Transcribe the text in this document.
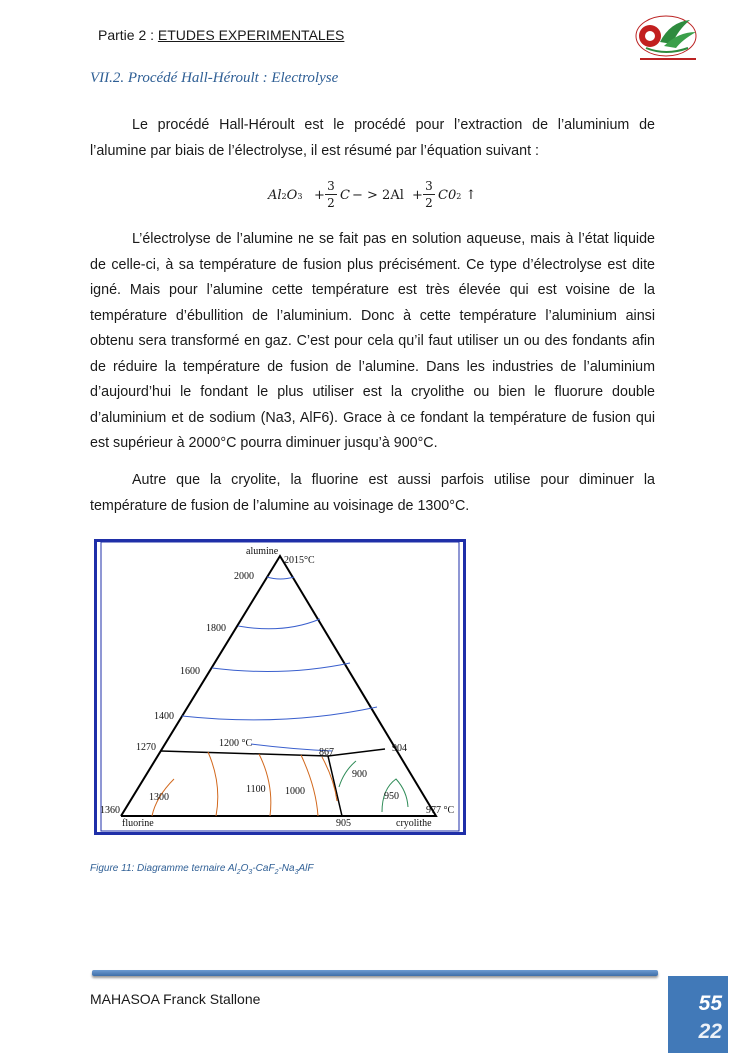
Partie 2 : ETUDES EXPERIMENTALES
VII.2. Procédé Hall-Héroult : Electrolyse

Le procédé Hall-Héroult est le procédé pour l’extraction de l’aluminium de l’alumine par biais de l’électrolyse, il est résumé par l’équation suivant :

Al2O3 +
3
2 C − > 2Al +
3
2 C02 ↑

L’électrolyse de l’alumine ne se fait pas en solution aqueuse, mais à l’état liquide de celle-ci, à sa température de fusion plus précisément. Ce type d’électrolyse est dite igné. Mais pour l’alumine cette température est très élevée qui est voisine de la température d’ébullition de l’aluminium. Donc à cette température l’aluminium ainsi obtenu sera transformé en gaz. C’est pour cela qu’il faut utiliser un ou des fondants afin de réduire la température de fusion de l’alumine. Dans les industries de l’aluminium d’aujourd’hui le fondant le plus utiliser est la cryolithe ou bien le fluorure double d’aluminium et de sodium (Na3, AlF6). Grace à ce fondant la température de fusion qui est supérieur à 2000°C pourra diminuer jusqu’à 900°C.

Autre que la cryolite, la fluorine est aussi parfois utilise pour diminuer la température de fusion de l’alumine au voisinage de 1300°C.

alumine
2015°C
2000
1800
1600
1400
1270	1200 °C
867	904
900
1100 1000
1300	950
1360	977 °C
905
fluorine	cryolithe
Figure 11: Diagramme ternaire $Al_2O_3-CaF_2-Na_3AlF$
MAHASOA Franck Stallone	55
22
